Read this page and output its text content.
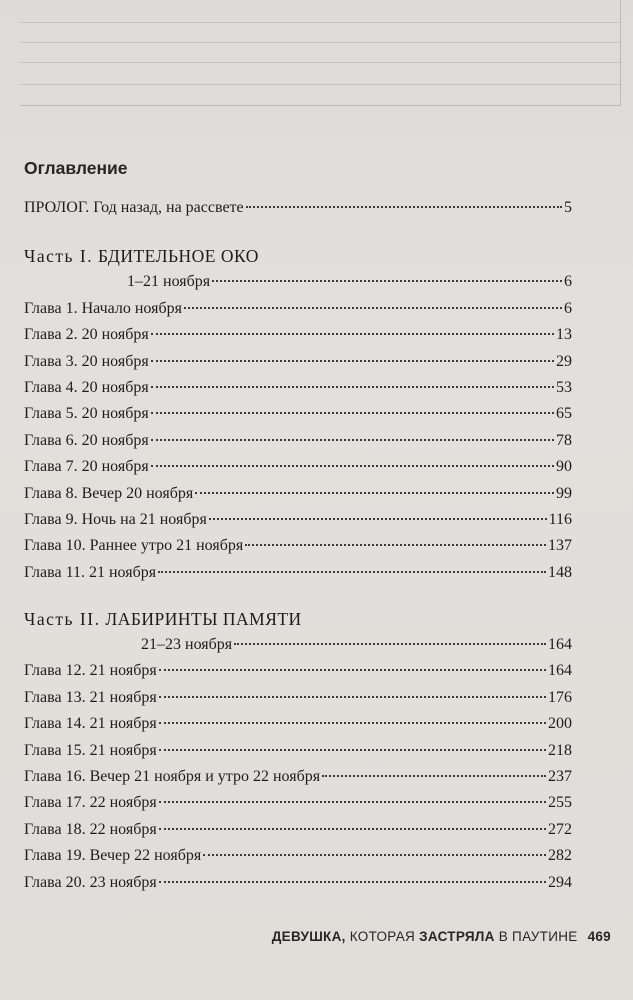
Оглавление
ПРОЛОГ. Год назад, на рассвете	5
Часть I. БДИТЕЛЬНОЕ ОКО
1–21 ноября	6
Глава 1. Начало ноября	6
Глава 2. 20 ноября	13
Глава 3. 20 ноября	29
Глава 4. 20 ноября	53
Глава 5. 20 ноября	65
Глава 6. 20 ноября	78
Глава 7. 20 ноября	90
Глава 8. Вечер 20 ноября	99
Глава 9. Ночь на 21 ноября	116
Глава 10. Раннее утро 21 ноября	137
Глава 11. 21 ноября	148
Часть II. ЛАБИРИНТЫ ПАМЯТИ
21–23 ноября	164
Глава 12. 21 ноября	164
Глава 13. 21 ноября	176
Глава 14. 21 ноября	200
Глава 15. 21 ноября	218
Глава 16. Вечер 21 ноября и утро 22 ноября	237
Глава 17. 22 ноября	255
Глава 18. 22 ноября	272
Глава 19. Вечер 22 ноября	282
Глава 20. 23 ноября	294
ДЕВУШКА, КОТОРАЯ ЗАСТРЯЛА В ПАУТИНЕ 469
